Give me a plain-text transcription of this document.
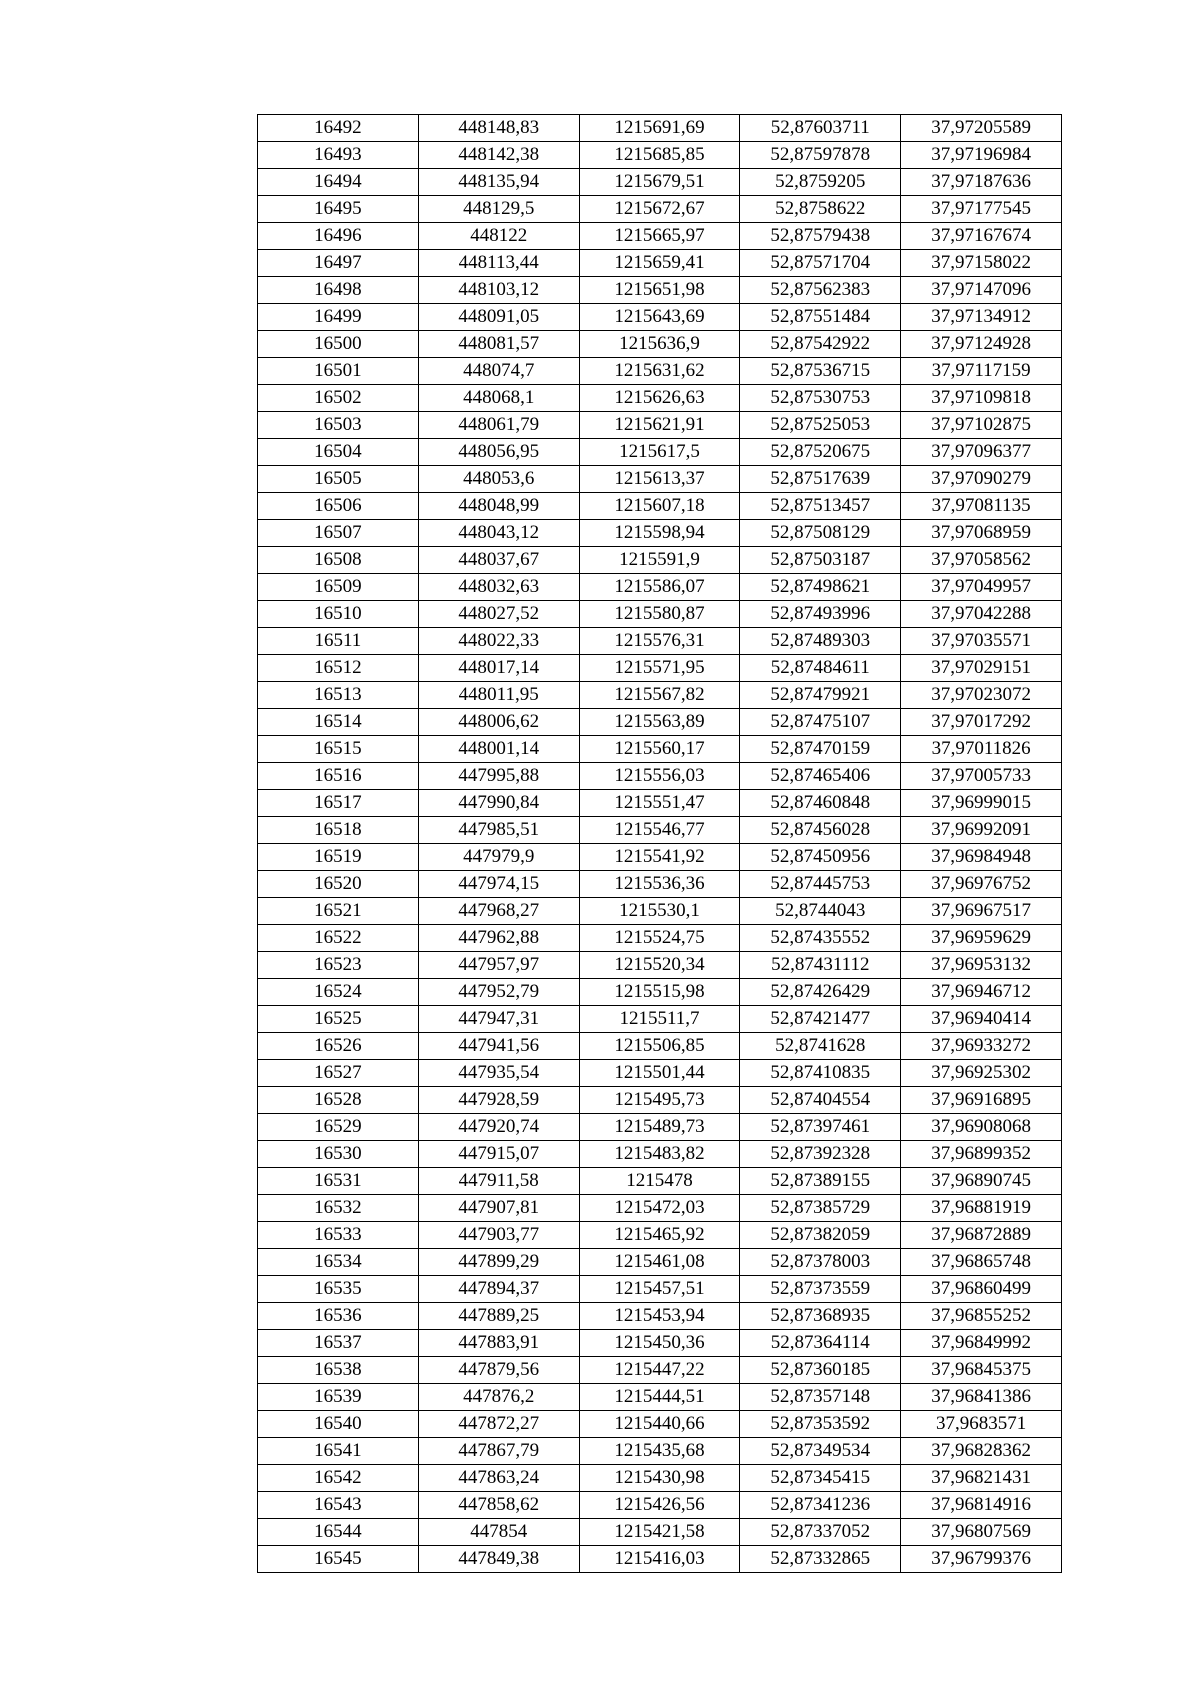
16492	448148,83	1215691,69	52,87603711	37,97205589
16493	448142,38	1215685,85	52,87597878	37,97196984
16494	448135,94	1215679,51	52,8759205	37,97187636
16495	448129,5	1215672,67	52,8758622	37,97177545
16496	448122	1215665,97	52,87579438	37,97167674
16497	448113,44	1215659,41	52,87571704	37,97158022
16498	448103,12	1215651,98	52,87562383	37,97147096
16499	448091,05	1215643,69	52,87551484	37,97134912
16500	448081,57	1215636,9	52,87542922	37,97124928
16501	448074,7	1215631,62	52,87536715	37,97117159
16502	448068,1	1215626,63	52,87530753	37,97109818
16503	448061,79	1215621,91	52,87525053	37,97102875
16504	448056,95	1215617,5	52,87520675	37,97096377
16505	448053,6	1215613,37	52,87517639	37,97090279
16506	448048,99	1215607,18	52,87513457	37,97081135
16507	448043,12	1215598,94	52,87508129	37,97068959
16508	448037,67	1215591,9	52,87503187	37,97058562
16509	448032,63	1215586,07	52,87498621	37,97049957
16510	448027,52	1215580,87	52,87493996	37,97042288
16511	448022,33	1215576,31	52,87489303	37,97035571
16512	448017,14	1215571,95	52,87484611	37,97029151
16513	448011,95	1215567,82	52,87479921	37,97023072
16514	448006,62	1215563,89	52,87475107	37,97017292
16515	448001,14	1215560,17	52,87470159	37,97011826
16516	447995,88	1215556,03	52,87465406	37,97005733
16517	447990,84	1215551,47	52,87460848	37,96999015
16518	447985,51	1215546,77	52,87456028	37,96992091
16519	447979,9	1215541,92	52,87450956	37,96984948
16520	447974,15	1215536,36	52,87445753	37,96976752
16521	447968,27	1215530,1	52,8744043	37,96967517
16522	447962,88	1215524,75	52,87435552	37,96959629
16523	447957,97	1215520,34	52,87431112	37,96953132
16524	447952,79	1215515,98	52,87426429	37,96946712
16525	447947,31	1215511,7	52,87421477	37,96940414
16526	447941,56	1215506,85	52,8741628	37,96933272
16527	447935,54	1215501,44	52,87410835	37,96925302
16528	447928,59	1215495,73	52,87404554	37,96916895
16529	447920,74	1215489,73	52,87397461	37,96908068
16530	447915,07	1215483,82	52,87392328	37,96899352
16531	447911,58	1215478	52,87389155	37,96890745
16532	447907,81	1215472,03	52,87385729	37,96881919
16533	447903,77	1215465,92	52,87382059	37,96872889
16534	447899,29	1215461,08	52,87378003	37,96865748
16535	447894,37	1215457,51	52,87373559	37,96860499
16536	447889,25	1215453,94	52,87368935	37,96855252
16537	447883,91	1215450,36	52,87364114	37,96849992
16538	447879,56	1215447,22	52,87360185	37,96845375
16539	447876,2	1215444,51	52,87357148	37,96841386
16540	447872,27	1215440,66	52,87353592	37,9683571
16541	447867,79	1215435,68	52,87349534	37,96828362
16542	447863,24	1215430,98	52,87345415	37,96821431
16543	447858,62	1215426,56	52,87341236	37,96814916
16544	447854	1215421,58	52,87337052	37,96807569
16545	447849,38	1215416,03	52,87332865	37,96799376
